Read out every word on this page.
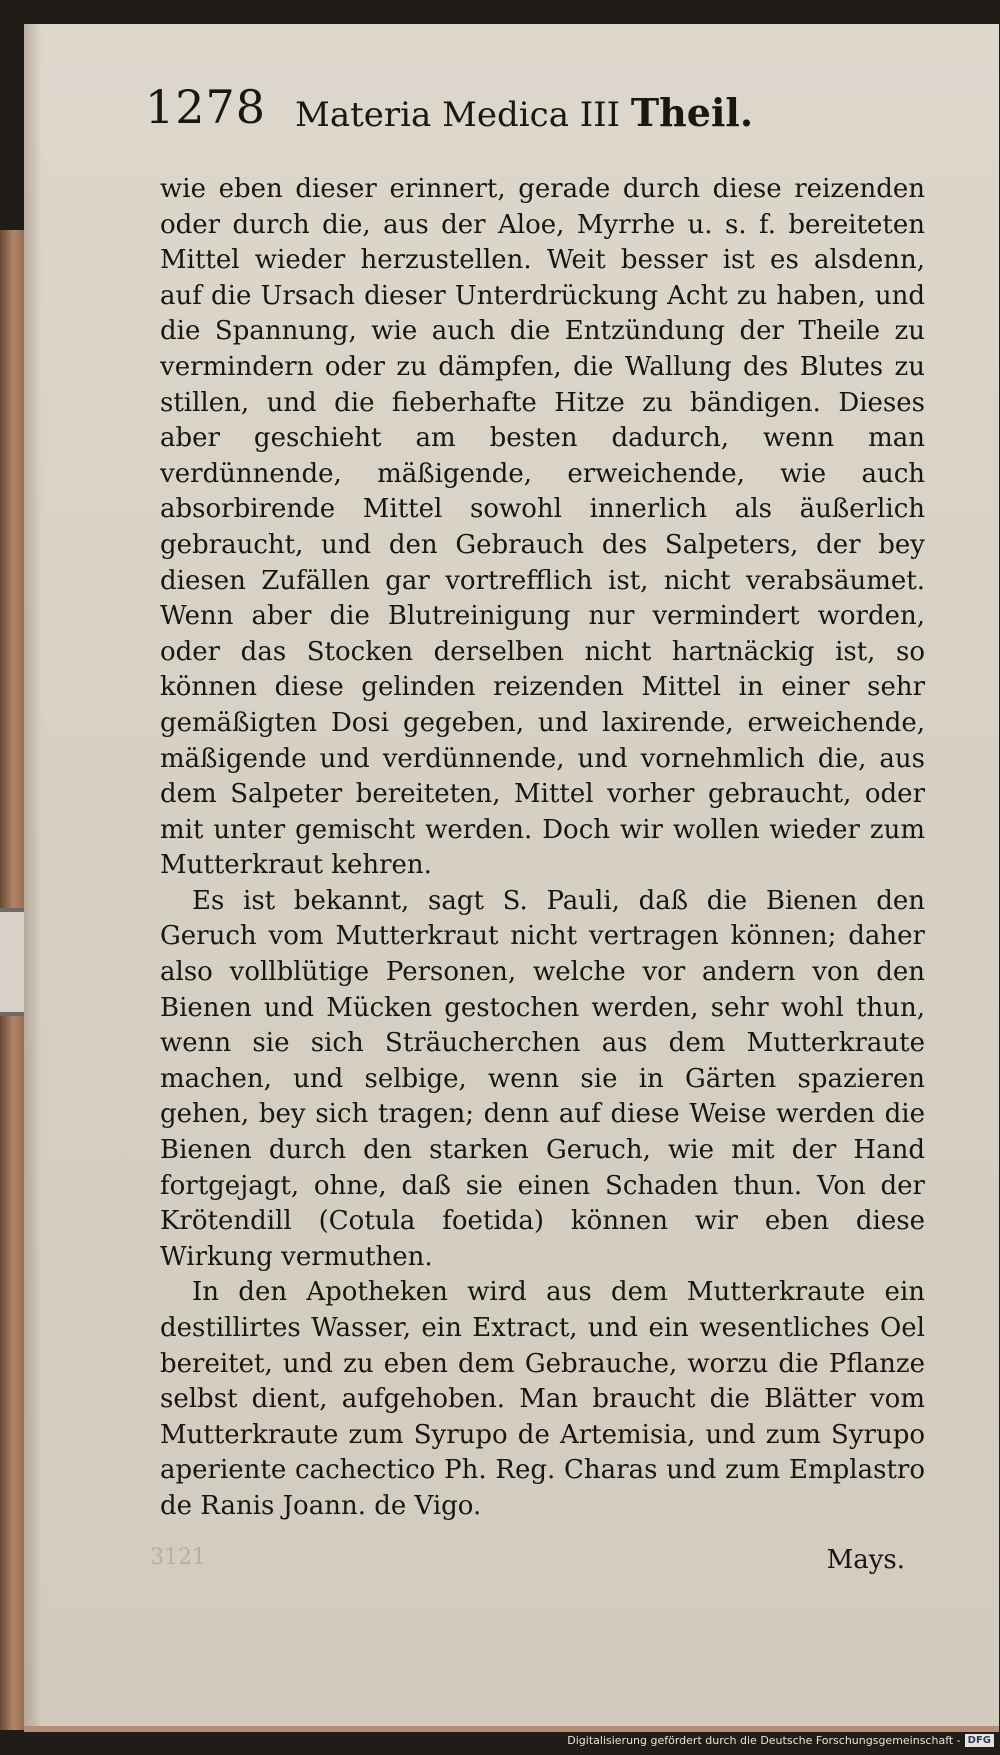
1278 Materia Medica III Theil.

wie eben dieser erinnert, gerade durch diese reizenden oder durch die, aus der Aloe, Myrrhe u. s. f. bereiteten Mittel wieder herzustellen. Weit besser ist es alsdenn, auf die Ursach dieser Unterdrückung Acht zu haben, und die Spannung, wie auch die Entzündung der Theile zu vermindern oder zu dämpfen, die Wallung des Blutes zu stillen, und die fieberhafte Hitze zu bändigen. Dieses aber geschieht am besten dadurch, wenn man verdünnende, mäßigende, erweichende, wie auch absorbirende Mittel sowohl innerlich als äußerlich gebraucht, und den Gebrauch des Salpeters, der bey diesen Zufällen gar vortrefflich ist, nicht verabsäumet. Wenn aber die Blutreinigung nur vermindert worden, oder das Stocken derselben nicht hartnäckig ist, so können diese gelinden reizenden Mittel in einer sehr gemäßigten Dosi gegeben, und laxirende, erweichende, mäßigende und verdünnende, und vornehmlich die, aus dem Salpeter bereiteten, Mittel vorher gebraucht, oder mit unter gemischt werden. Doch wir wollen wieder zum Mutterkraut kehren.

Es ist bekannt, sagt S. Pauli, daß die Bienen den Geruch vom Mutterkraut nicht vertragen können; daher also vollblütige Personen, welche vor andern von den Bienen und Mücken gestochen werden, sehr wohl thun, wenn sie sich Sträucherchen aus dem Mutterkraute machen, und selbige, wenn sie in Gärten spazieren gehen, bey sich tragen; denn auf diese Weise werden die Bienen durch den starken Geruch, wie mit der Hand fortgejagt, ohne, daß sie einen Schaden thun. Von der Krötendill (Cotula foetida) können wir eben diese Wirkung vermuthen.

In den Apotheken wird aus dem Mutterkraute ein destillirtes Wasser, ein Extract, und ein wesentliches Oel bereitet, und zu eben dem Gebrauche, worzu die Pflanze selbst dient, aufgehoben. Man braucht die Blätter vom Mutterkraute zum Syrupo de Artemisia, und zum Syrupo aperiente cachectico Ph. Reg. Charas und zum Emplastro de Ranis Joann. de Vigo.

3121	Mays.
Digitalisierung gefördert durch die Deutsche Forschungsgemeinschaft - DFG
